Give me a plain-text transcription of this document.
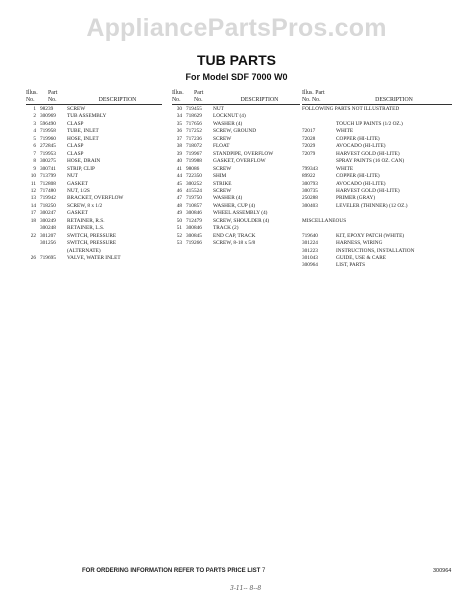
AppliancePartsPros.com
TUB PARTS
For Model SDF 7000 W0
Illus.
No.
Part
No.	DESCRIPTION
1 98239	SCREW
2 300969	TUB ASSEMBLY
3 596490	CLASP
4 719958	TUBE, INLET
5 719960	HOSE, INLET
6 272845	CLASP
7 719953	CLASP
8 300275	HOSE, DRAIN
9 300741	STRIP, CLIP
10 713799	NUT
11 712808	GASKET
12 717480	NUT, 1/2S
13 719942	BRACKET, OVERFLOW
14 718250	SCREW, 8 x 1/2
17 300247	GASKET
18 300249	RETAINER, R.S.
300248	RETAINER, L.S.
22 301207	SWITCH, PRESSURE
301256	SWITCH, PRESSURE
(ALTERNATE)
26 719695	VALVE, WATER INLET
Illus.
No.
Part
No.	DESCRIPTION
30 719455	NUT
34 718629	LOCKNUT (4)
35 717656	WASHER (4)
36 717252	SCREW, GROUND
37 717236	SCREW
38 718072	FLOAT
39 719967	STANDPIPE, OVERFLOW
40 719988	GASKET, OVERFLOW
41 98086	SCREW
44 722350	SHIM
45 300252	STRIKE
46 415524	SCREW
47 719750	WASHER (4)
48 710857	WASHER, CUP (4)
49 300846	WHEEL ASSEMBLY (4)
50 712479	SCREW, SHOULDER (4)
51 300846	TRACK (2)
52 300845	END CAP, TRACK
53 719266	SCREW, 8-18 x 5/8
Illus. Part
No. No.	DESCRIPTION
FOLLOWING PARTS NOT ILLUSTRATED
TOUCH UP PAINTS (1/2 OZ.)
72017	WHITE
72028	COPPER (HI-LITE)
72029	AVOCADO (HI-LITE)
72079	HARVEST GOLD (HI-LITE)
SPRAY PAINTS (16 OZ. CAN)
799343	WHITE
89922	COPPER (HI-LITE)
300793	AVOCADO (HI-LITE)
300735	HARVEST GOLD (HI-LITE)
250288	PRIMER (GRAY)
300403	LEVELER (THINNER) (12 OZ.)
MISCELLANEOUS
719640	KIT, EPOXY PATCH (WHITE)
301224	HARNESS, WIRING
301223	INSTRUCTIONS, INSTALLATION
301043	GUIDE, USE & CARE
300964	LIST, PARTS
FOR ORDERING INFORMATION REFER TO PARTS PRICE LIST 7	300964
3-11-- 8--8
